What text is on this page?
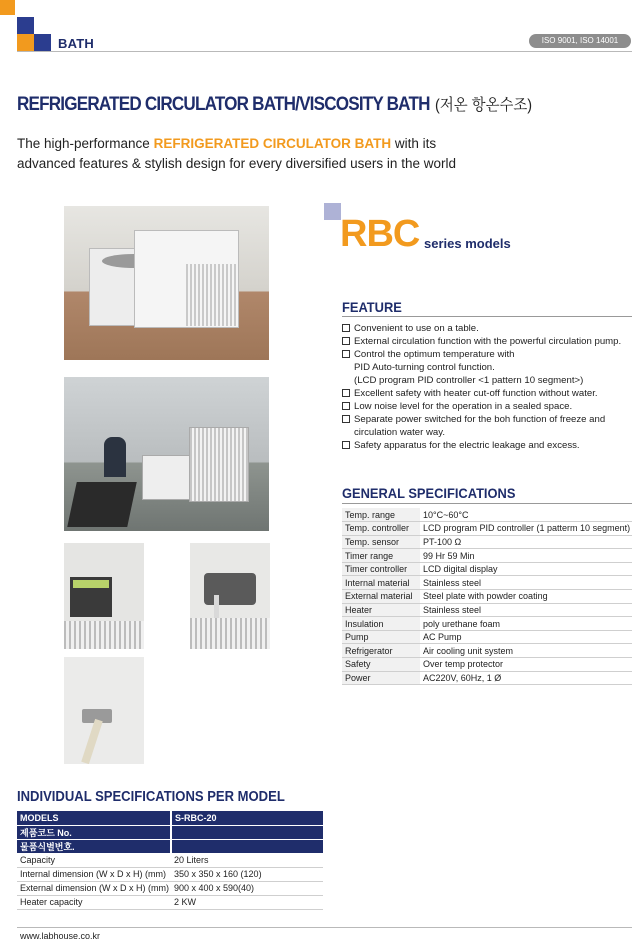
BATH	ISO 9001, ISO 14001
REFRIGERATED CIRCULATOR BATH/VISCOSITY BATH (저온 항온수조)
The high-performance REFRIGERATED CIRCULATOR BATH with its
advanced features & stylish design for every diversified users in the world
RBC series models
FEATURE
Convenient to use on a table.
External circulation function with the powerful circulation pump.
Control the optimum temperature with
PID Auto-turning control function.
(LCD program PID controller <1 pattern 10 segment>)
Excellent safety with heater cut-off function without water.
Low noise level for the operation in a sealed space.
Separate power switched for the boh function of freeze and
circulation water way.
Safety apparatus for the electric leakage and excess.
GENERAL SPECIFICATIONS
Temp. range	10°C~60°C
Temp. controller	LCD program PID controller (1 patterm 10 segment)
Temp. sensor	PT-100 Ω
Timer range	99 Hr 59 Min
Timer controller	LCD digital display
Internal material	Stainless steel
External material	Steel plate with powder coating
Heater	Stainless steel
Insulation	poly urethane foam
Pump	AC Pump
Refrigerator	Air cooling unit system
Safety	Over temp protector
Power	AC220V, 60Hz, 1 Ø
INDIVIDUAL SPECIFICATIONS PER MODEL
MODELS	S-RBC-20
제품코드 No.	
물품식별번호.	
Capacity	20 Liters
Internal dimension (W x D x H) (mm)	350 x 350 x 160 (120)
External dimension (W x D x H) (mm)	900 x 400 x 590(40)
Heater capacity	2 KW
www.labhouse.co.kr
